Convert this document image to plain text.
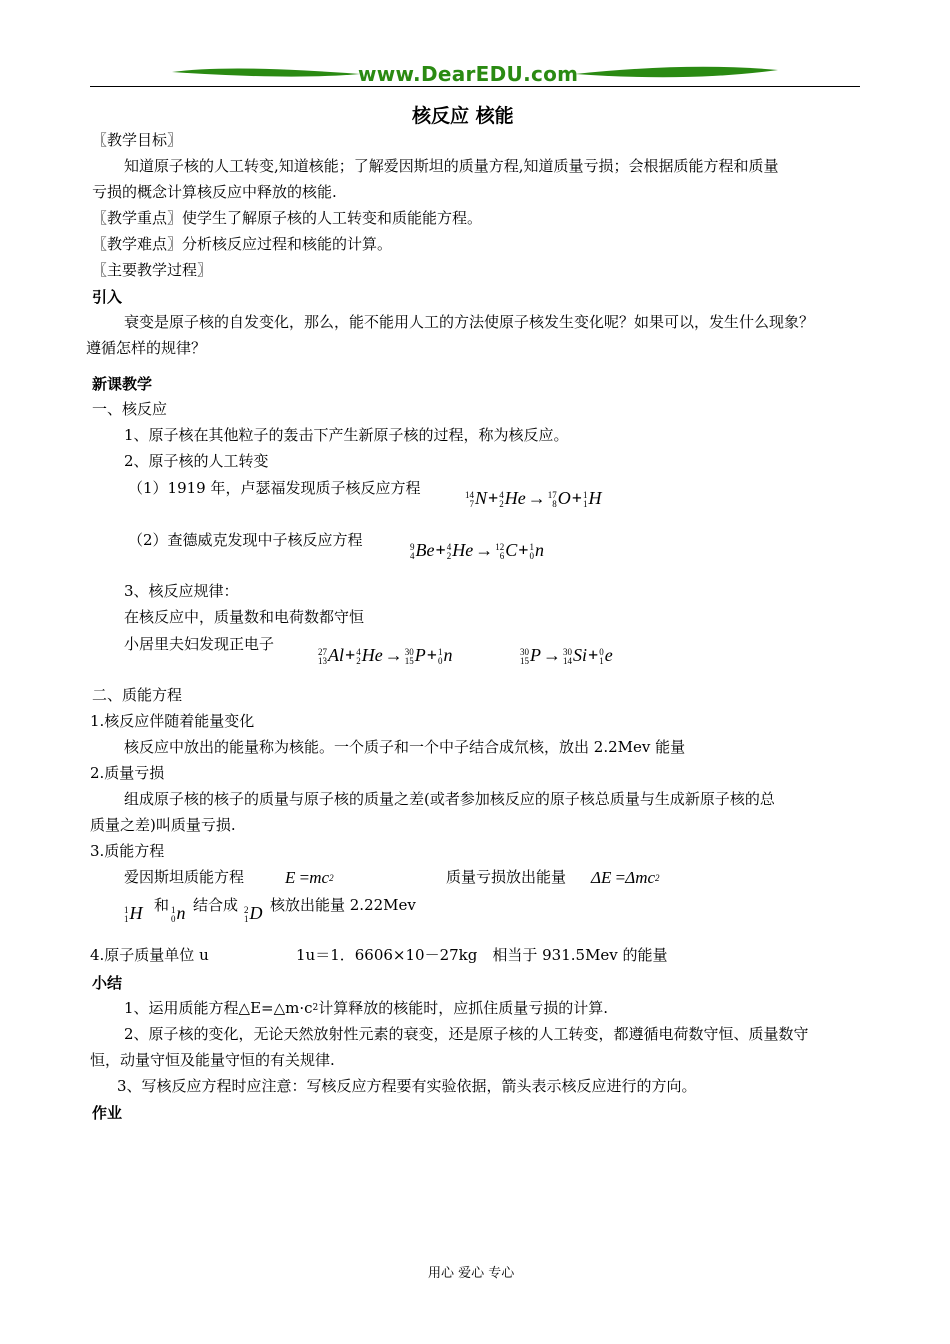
www.DearEDU.com
核反应 核能
〖教学目标〗
知道原子核的人工转变,知道核能；了解爱因斯坦的质量方程,知道质量亏损；会根据质能方程和质量
亏损的概念计算核反应中释放的核能.
〖教学重点〗使学生了解原子核的人工转变和质能能方程。
〖教学难点〗分析核反应过程和核能的计算。
〖主要教学过程〗
引入
衰变是原子核的自发变化，那么，能不能用人工的方法使原子核发生变化呢？如果可以，发生什么现象？
遵循怎样的规律？
新课教学
一、核反应
1、原子核在其他粒子的轰击下产生新原子核的过程，称为核反应。
2、原子核的人工转变
（1）1919 年，卢瑟福发现质子核反应方程	14
7 N+ 4
2 He → 17
8 O+ 1
1 H
（2）查德威克发现中子核反应方程	9
4 Be+ 4
2 He → 12
6 C+ 1
0 n
3、核反应规律：
在核反应中，质量数和电荷数都守恒
小居里夫妇发现正电子	27
13 Al+ 4
2 He → 30
15 P+ 1
0 n	30
15 P → 30
14 Si+ 0
1 e
二、质能方程
1.核反应伴随着能量变化
核反应中放出的能量称为核能。一个质子和一个中子结合成氘核，放出 2.2Mev 能量
2.质量亏损
组成原子核的核子的质量与原子核的质量之差(或者参加核反应的原子核总质量与生成新原子核的总
质量之差)叫质量亏损.
3.质能方程
爱因斯坦质能方程 $E =mc^2$	质量亏损放出能量 ΔE =Δmc$^2$
1
1 H 和 1
0 n 结合成 2
1 D 核放出能量 2.22Mev
4.原子质量单位 u	1u＝1．6606×10－27kg　相当于 931.5Mev 的能量
小结
1、运用质能方程$\triangle E=\triangle m\cdot c^2$计算释放的核能时，应抓住质量亏损的计算.
2、原子核的变化，无论天然放射性元素的衰变，还是原子核的人工转变，都遵循电荷数守恒、质量数守
恒，动量守恒及能量守恒的有关规律.
3、写核反应方程时应注意：写核反应方程要有实验依据，箭头表示核反应进行的方向。
作业
用心 爱心 专心
